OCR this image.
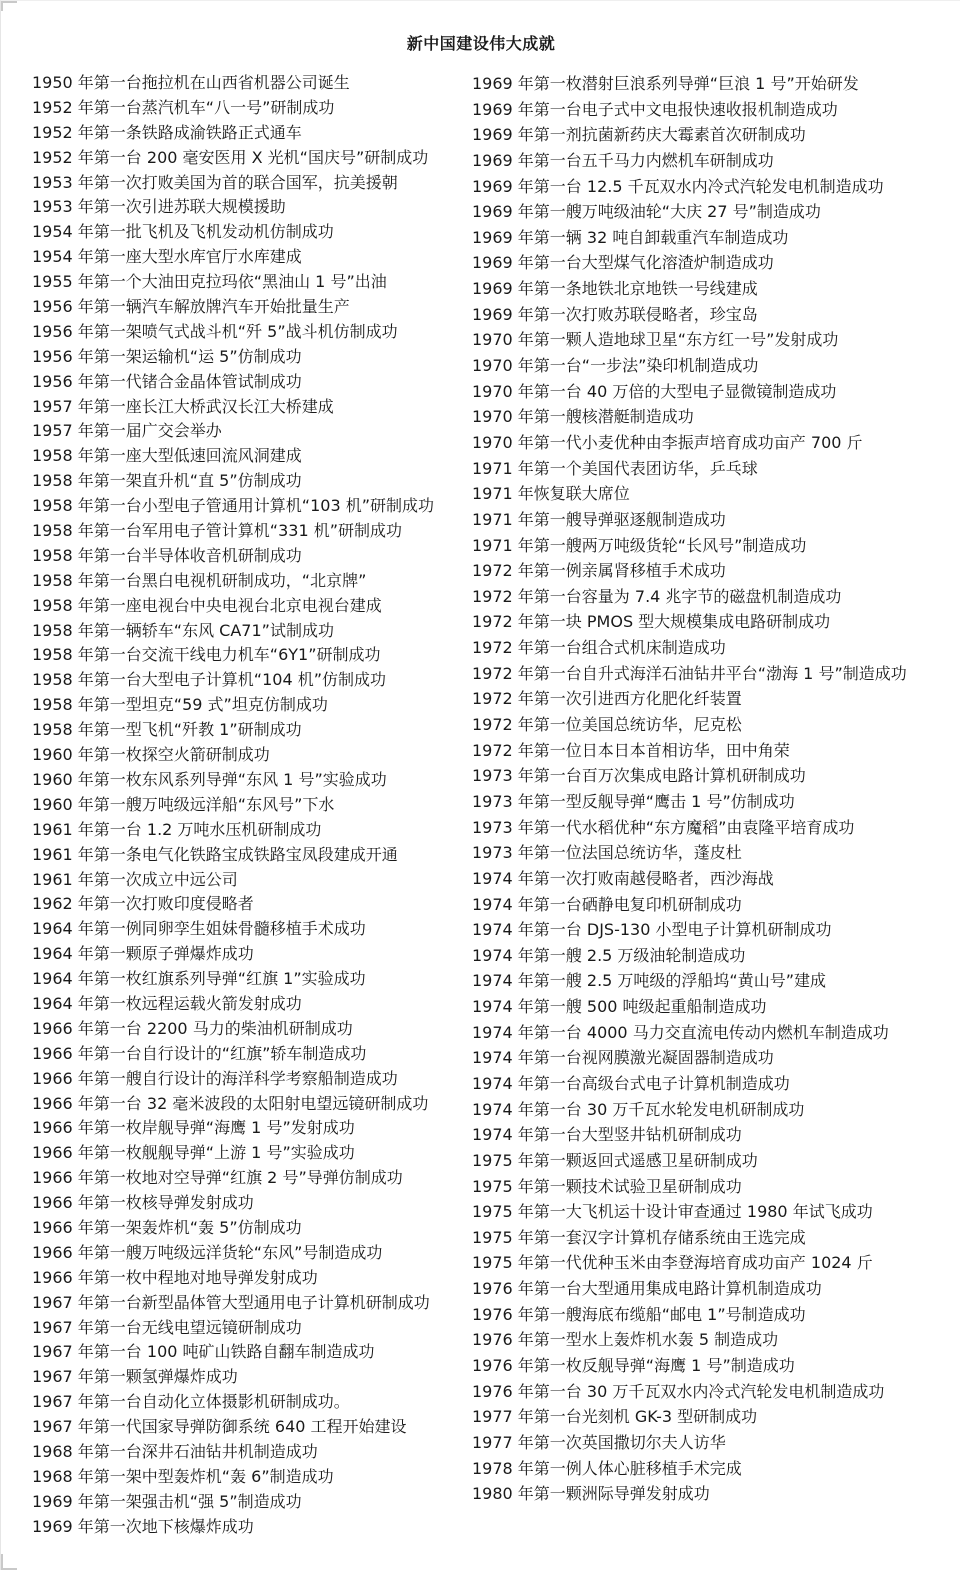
新中国建设伟大成就
1950 年第一台拖拉机在山西省机器公司诞生
1952 年第一台蒸汽机车“八一号”研制成功
1952 年第一条铁路成渝铁路正式通车
1952 年第一台 200 毫安医用 X 光机“国庆号”研制成功
1953 年第一次打败美国为首的联合国军，抗美援朝
1953 年第一次引进苏联大规模援助
1954 年第一批飞机及飞机发动机仿制成功
1954 年第一座大型水库官厅水库建成
1955 年第一个大油田克拉玛依“黑油山 1 号”出油
1956 年第一辆汽车解放牌汽车开始批量生产
1956 年第一架喷气式战斗机“歼 5”战斗机仿制成功
1956 年第一架运输机“运 5”仿制成功
1956 年第一代锗合金晶体管试制成功
1957 年第一座长江大桥武汉长江大桥建成
1957 年第一届广交会举办
1958 年第一座大型低速回流风洞建成
1958 年第一架直升机“直 5”仿制成功
1958 年第一台小型电子管通用计算机“103 机”研制成功
1958 年第一台军用电子管计算机“331 机”研制成功
1958 年第一台半导体收音机研制成功
1958 年第一台黑白电视机研制成功，“北京牌”
1958 年第一座电视台中央电视台北京电视台建成
1958 年第一辆轿车“东风 CA71”试制成功
1958 年第一台交流干线电力机车“6Y1”研制成功
1958 年第一台大型电子计算机“104 机”仿制成功
1958 年第一型坦克“59 式”坦克仿制成功
1958 年第一型飞机“歼教 1”研制成功
1960 年第一枚探空火箭研制成功
1960 年第一枚东风系列导弹“东风 1 号”实验成功
1960 年第一艘万吨级远洋船“东风号”下水
1961 年第一台 1.2 万吨水压机研制成功
1961 年第一条电气化铁路宝成铁路宝凤段建成开通
1961 年第一次成立中远公司
1962 年第一次打败印度侵略者
1964 年第一例同卵孪生姐妹骨髓移植手术成功
1964 年第一颗原子弹爆炸成功
1964 年第一枚红旗系列导弹“红旗 1”实验成功
1964 年第一枚远程运载火箭发射成功
1966 年第一台 2200 马力的柴油机研制成功
1966 年第一台自行设计的“红旗”轿车制造成功
1966 年第一艘自行设计的海洋科学考察船制造成功
1966 年第一台 32 毫米波段的太阳射电望远镜研制成功
1966 年第一枚岸舰导弹“海鹰 1 号”发射成功
1966 年第一枚舰舰导弹“上游 1 号”实验成功
1966 年第一枚地对空导弹“红旗 2 号”导弹仿制成功
1966 年第一枚核导弹发射成功
1966 年第一架轰炸机“轰 5”仿制成功
1966 年第一艘万吨级远洋货轮“东风”号制造成功
1966 年第一枚中程地对地导弹发射成功
1967 年第一台新型晶体管大型通用电子计算机研制成功
1967 年第一台无线电望远镜研制成功
1967 年第一台 100 吨矿山铁路自翻车制造成功
1967 年第一颗氢弹爆炸成功
1967 年第一台自动化立体摄影机研制成功。
1967 年第一代国家导弹防御系统 640 工程开始建设
1968 年第一台深井石油钻井机制造成功
1968 年第一架中型轰炸机“轰 6”制造成功
1969 年第一架强击机“强 5”制造成功
1969 年第一次地下核爆炸成功
1969 年第一枚潜射巨浪系列导弹“巨浪 1 号”开始研发
1969 年第一台电子式中文电报快速收报机制造成功
1969 年第一剂抗菌新药庆大霉素首次研制成功
1969 年第一台五千马力内燃机车研制成功
1969 年第一台 12.5 千瓦双水内冷式汽轮发电机制造成功
1969 年第一艘万吨级油轮“大庆 27 号”制造成功
1969 年第一辆 32 吨自卸载重汽车制造成功
1969 年第一台大型煤气化溶渣炉制造成功
1969 年第一条地铁北京地铁一号线建成
1969 年第一次打败苏联侵略者，珍宝岛
1970 年第一颗人造地球卫星“东方红一号”发射成功
1970 年第一台“一步法”染印机制造成功
1970 年第一台 40 万倍的大型电子显微镜制造成功
1970 年第一艘核潜艇制造成功
1970 年第一代小麦优种由李振声培育成功亩产 700 斤
1971 年第一个美国代表团访华，乒乓球
1971 年恢复联大席位
1971 年第一艘导弹驱逐舰制造成功
1971 年第一艘两万吨级货轮“长风号”制造成功
1972 年第一例亲属肾移植手术成功
1972 年第一台容量为 7.4 兆字节的磁盘机制造成功
1972 年第一块 PMOS 型大规模集成电路研制成功
1972 年第一台组合式机床制造成功
1972 年第一台自升式海洋石油钻井平台“渤海 1 号”制造成功
1972 年第一次引进西方化肥化纤装置
1972 年第一位美国总统访华，尼克松
1972 年第一位日本日本首相访华，田中角荣
1973 年第一台百万次集成电路计算机研制成功
1973 年第一型反舰导弹“鹰击 1 号”仿制成功
1973 年第一代水稻优种“东方魔稻”由袁隆平培育成功
1973 年第一位法国总统访华，蓬皮杜
1974 年第一次打败南越侵略者，西沙海战
1974 年第一台硒静电复印机研制成功
1974 年第一台 DJS-130 小型电子计算机研制成功
1974 年第一艘 2.5 万级油轮制造成功
1974 年第一艘 2.5 万吨级的浮船坞“黄山号”建成
1974 年第一艘 500 吨级起重船制造成功
1974 年第一台 4000 马力交直流电传动内燃机车制造成功
1974 年第一台视网膜激光凝固器制造成功
1974 年第一台高级台式电子计算机制造成功
1974 年第一台 30 万千瓦水轮发电机研制成功
1974 年第一台大型竖井钻机研制成功
1975 年第一颗返回式遥感卫星研制成功
1975 年第一颗技术试验卫星研制成功
1975 年第一大飞机运十设计审查通过 1980 年试飞成功
1975 年第一套汉字计算机存储系统由王选完成
1975 年第一代优种玉米由李登海培育成功亩产 1024 斤
1976 年第一台大型通用集成电路计算机制造成功
1976 年第一艘海底布缆船“邮电 1”号制造成功
1976 年第一型水上轰炸机水轰 5 制造成功
1976 年第一枚反舰导弹“海鹰 1 号”制造成功
1976 年第一台 30 万千瓦双水内冷式汽轮发电机制造成功
1977 年第一台光刻机 GK-3 型研制成功
1977 年第一次英国撒切尔夫人访华
1978 年第一例人体心脏移植手术完成
1980 年第一颗洲际导弹发射成功
